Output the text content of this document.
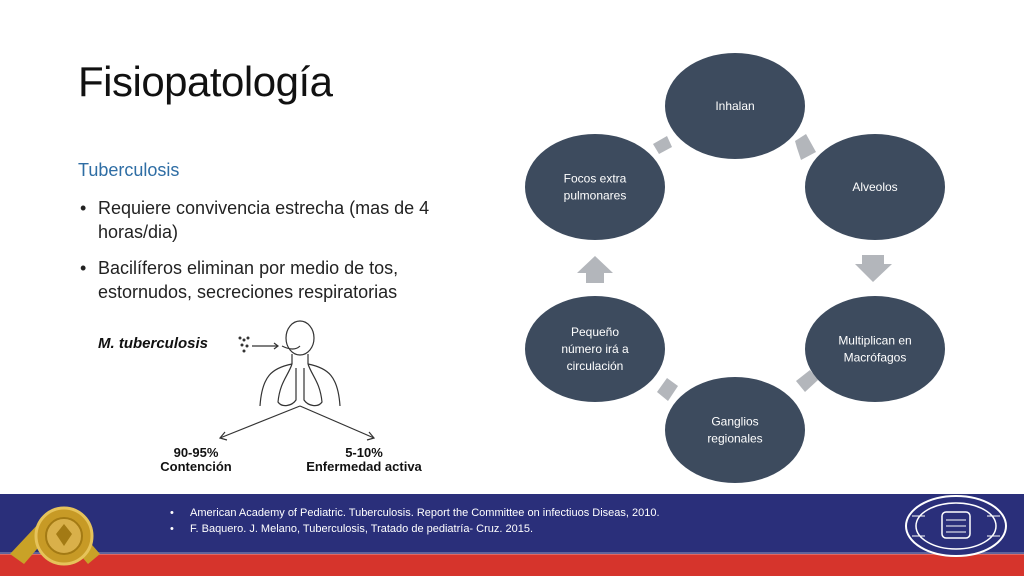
Fisiopatología
Tuberculosis
• Requiere convivencia estrecha (mas de 4 horas/dia)
• Bacilíferos eliminan por medio de tos, estornudos, secreciones respiratorias
M. tuberculosis
90-95%
Contención
5-10%
Enfermedad activa
Inhalan
Alveolos
Multiplican en
Macrófagos
Ganglios
regionales
Pequeño
número irá a
circulación
Focos extra
pulmonares
• American Academy of Pediatric. Tuberculosis. Report the Committee on infectiuos Diseas, 2010.
• F. Baquero. J. Melano, Tuberculosis, Tratado de pediatría- Cruz. 2015.
